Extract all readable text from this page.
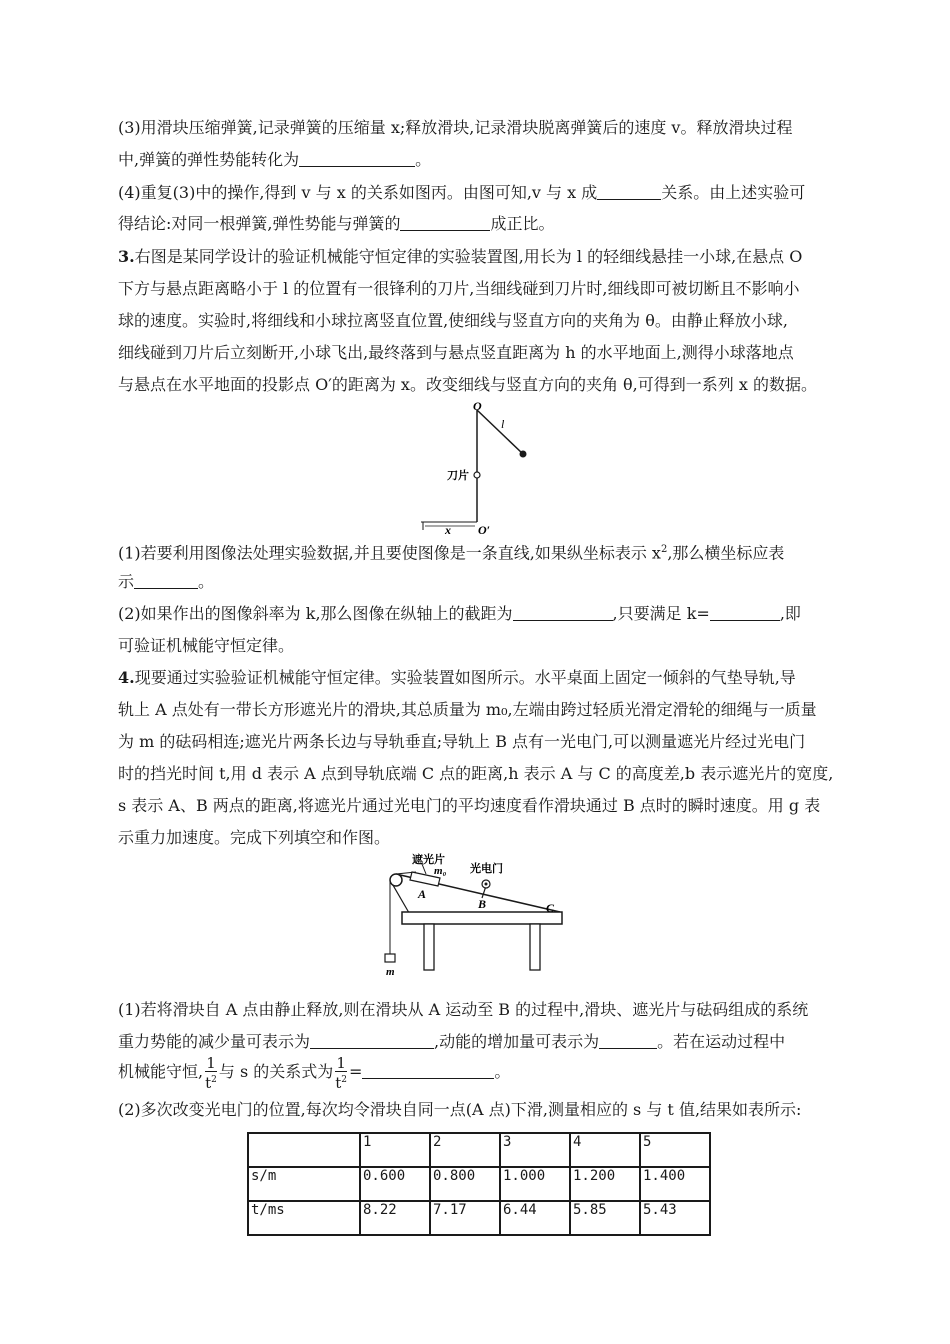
(3)用滑块压缩弹簧,记录弹簧的压缩量 x;释放滑块,记录滑块脱离弹簧后的速度 v。释放滑块过程
中,弹簧的弹性势能转化为	。
(4)重复(3)中的操作,得到 v 与 x 的关系如图丙。由图可知,v 与 x 成	关系。由上述实验可
得结论:对同一根弹簧,弹性势能与弹簧的	成正比。
3.右图是某同学设计的验证机械能守恒定律的实验装置图,用长为 l 的轻细线悬挂一小球,在悬点 O
下方与悬点距离略小于 l 的位置有一很锋利的刀片,当细线碰到刀片时,细线即可被切断且不影响小
球的速度。实验时,将细线和小球拉离竖直位置,使细线与竖直方向的夹角为 θ。由静止释放小球,
细线碰到刀片后立刻断开,小球飞出,最终落到与悬点竖直距离为 h 的水平地面上,测得小球落地点
与悬点在水平地面的投影点 O′的距离为 x。改变细线与竖直方向的夹角 θ,可得到一系列 x 的数据。
O
l
刀片
x O′
(1)若要利用图像法处理实验数据,并且要使图像是一条直线,如果纵坐标表示 $x^2$,那么横坐标应表
示	。
(2)如果作出的图像斜率为 k,那么图像在纵轴上的截距为	,只要满足 k=	,即
可验证机械能守恒定律。
4.现要通过实验验证机械能守恒定律。实验装置如图所示。水平桌面上固定一倾斜的气垫导轨,导
轨上 A 点处有一带长方形遮光片的滑块,其总质量为 m₀,左端由跨过轻质光滑定滑轮的细绳与一质量
为 m 的砝码相连;遮光片两条长边与导轨垂直;导轨上 B 点有一光电门,可以测量遮光片经过光电门
时的挡光时间 t,用 d 表示 A 点到导轨底端 C 点的距离,h 表示 A 与 C 的高度差,b 表示遮光片的宽度,
s 表示 A、B 两点的距离,将遮光片通过光电门的平均速度看作滑块通过 B 点时的瞬时速度。用 g 表
示重力加速度。完成下列填空和作图。
遮光片
m₀ 光电门
A
B	C
m
(1)若将滑块自 A 点由静止释放,则在滑块从 A 运动至 B 的过程中,滑块、遮光片与砝码组成的系统
重力势能的减少量可表示为	,动能的增加量可表示为	。若在运动过程中
机械能守恒, $\frac{1}{t^2}$ 与 s 的关系式为 $\frac{1}{t^2}$ =	。
(2)多次改变光电门的位置,每次均令滑块自同一点(A 点)下滑,测量相应的 s 与 t 值,结果如表所示:
	1	2	3	4	5
s/m	0.600	0.800	1.000	1.200	1.400
t/ms	8.22	7.17	6.44	5.85	5.43
